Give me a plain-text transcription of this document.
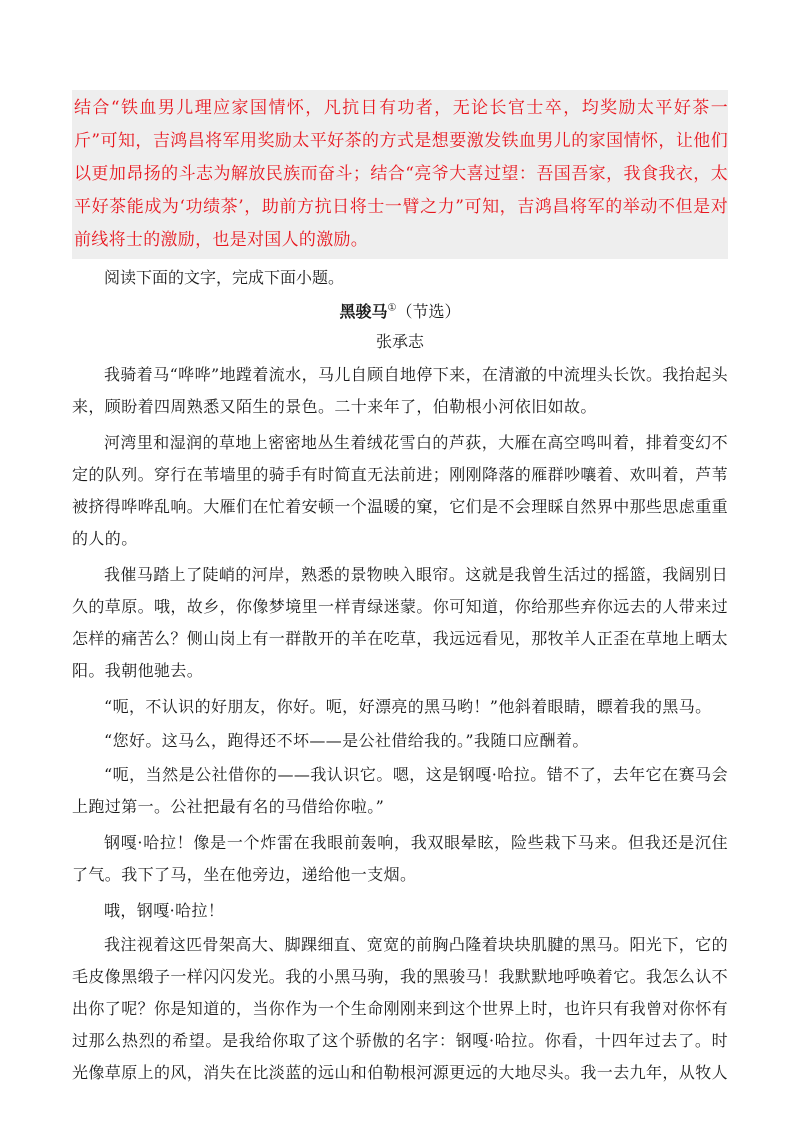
结合“铁血男儿理应家国情怀，凡抗日有功者，无论长官士卒，均奖励太平好茶一斤”可知，吉鸿昌将军用奖励太平好茶的方式是想要激发铁血男儿的家国情怀，让他们以更加昂扬的斗志为解放民族而奋斗；结合“亮爷大喜过望：吾国吾家，我食我衣，太平好茶能成为‘功绩茶’，助前方抗日将士一臂之力”可知，吉鸿昌将军的举动不但是对前线将士的激励，也是对国人的激励。
阅读下面的文字，完成下面小题。
黑骏马①（节选）
张承志

我骑着马“哗哗”地蹚着流水，马儿自顾自地停下来，在清澈的中流埋头长饮。我抬起头来，顾盼着四周熟悉又陌生的景色。二十来年了，伯勒根小河依旧如故。

河湾里和湿润的草地上密密地丛生着绒花雪白的芦荻，大雁在高空鸣叫着，排着变幻不定的队列。穿行在苇墙里的骑手有时简直无法前进；刚刚降落的雁群吵嚷着、欢叫着，芦苇被挤得哗哗乱响。大雁们在忙着安顿一个温暖的窠，它们是不会理睬自然界中那些思虑重重的人的。

我催马踏上了陡峭的河岸，熟悉的景物映入眼帘。这就是我曾生活过的摇篮，我阔别日久的草原。哦，故乡，你像梦境里一样青绿迷蒙。你可知道，你给那些弃你远去的人带来过怎样的痛苦么？侧山岗上有一群散开的羊在吃草，我远远看见，那牧羊人正歪在草地上晒太阳。我朝他驰去。

“呃，不认识的好朋友，你好。呃，好漂亮的黑马哟！”他斜着眼睛，瞟着我的黑马。

“您好。这马么，跑得还不坏——是公社借给我的。”我随口应酬着。

“呃，当然是公社借你的——我认识它。嗯，这是钢嘎·哈拉。错不了，去年它在赛马会上跑过第一。公社把最有名的马借给你啦。”

钢嘎·哈拉！像是一个炸雷在我眼前轰响，我双眼晕眩，险些栽下马来。但我还是沉住了气。我下了马，坐在他旁边，递给他一支烟。

哦，钢嘎·哈拉！

我注视着这匹骨架高大、脚踝细直、宽宽的前胸凸隆着块块肌腱的黑马。阳光下，它的毛皮像黑缎子一样闪闪发光。我的小黑马驹，我的黑骏马！我默默地呼唤着它。我怎么认不出你了呢？你是知道的，当你作为一个生命刚刚来到这个世界上时，也许只有我曾对你怀有过那么热烈的希望。是我给你取了这个骄傲的名字：钢嘎·哈拉。你看，十四年过去了。时光像草原上的风，消失在比淡蓝的远山和伯勒根河源更远的大地尽头。我一去九年，从牧人
